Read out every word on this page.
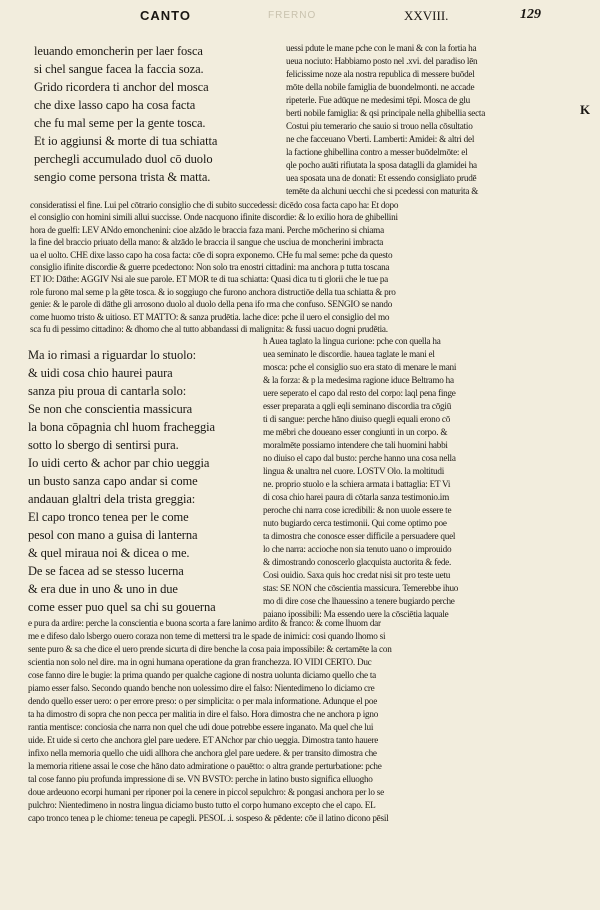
CANTO	FRERNO	XXVIII.	129
K
leuando emoncherin per laer fosca
si chel sangue facea la faccia soza.
Grido ricordera ti anchor del mosca
che dixe lasso capo ha cosa facta
che fu mal seme per la gente tosca.
Et io aggiunsi & morte di tua schiatta
perchegli accumulado duol cō duolo
sengio come persona trista & matta.
uessi pdute le mane pche con le mani & con la fortia ha
ueua nociuto: Habbiamo posto nel .xvi. del paradiso lēn
felicissime noze ala nostra republica di messere buōdel
mōte della nobile famiglia de buondelmonti. ne accade
ripeterle. Fue adūque ne medesimi tēpi. Mosca de glu
berti nobile famiglia: & qsi principale nella ghibellia secta
Costui piu temerario che sauio si trouo nella cōsultatio
ne che facceuano Vberti. Lamberti: Amidei: & altri del
la factione ghibellina contro a messer buōdelmōte: el
qle pocho auāti rifiutata la sposa dataglli da glamidei ha
uea sposata una de donati: Et essendo consigliato prudē
temēte da alchuni uecchi che si pcedessi con maturita &
consideratissi el fine. Lui pel cōtrario consiglio che di subito succedessi: dicēdo cosa facta capo ha: Et dopo
el consiglio con homini simili allui succisse. Onde nacquono ifinite discordie: & lo exilio hora de ghibellini
hora de guelfi: LEV ANdo emonchenini: cioe alzādo le braccia faza mani. Perche mōcherino si chiama
la fine del braccio priuato della mano: & alzādo le braccia il sangue che usciua de moncherini imbracta
ua el uolto. CHE dixe lasso capo ha cosa facta: cōe di sopra exponemo. CHe fu mal seme: pche da questo
consiglio ifinite discordie & guerre pcedectono: Non solo tra enostri cittadini: ma anchora p tutta toscana
ET IO: Dāthe: AGGIV Nsi ale sue parole. ET MOR te di tua schiatta: Quasi dica tu ti glorii che le tue pa
role furono mal seme p la gēte tosca. & io soggiugo che furono anchora distructiōe della tua schiatta & pro
genie: & le parole di dāthe gli arrosono duolo al duolo della pena ifo rma che confuso. SENGIO se nando
come huomo tristo & uitioso. ET MATTO: & sanza prudētia. lache dice: pche il uero el consiglio del mo
sca fu di pessimo cittadino: & dhomo che al tutto abbandassi di malignita: & fussi uacuo dogni prudētia.
h Auea taglato la lingua curione: pche con quella ha
Ma io rimasi a riguardar lo stuolo:
& uidi cosa chio haurei paura
sanza piu proua di cantarla solo:
Se non che conscientia massicura
la bona cōpagnia chl huom fracheggia
sotto lo sbergo di sentirsi pura.
Io uidi certo & achor par chio ueggia
un busto sanza capo andar si come
andauan glaltri dela trista greggia:
El capo tronco tenea per le come
pesol con mano a guisa di lanterna
& quel miraua noi & dicea o me.
De se facea ad se stesso lucerna
& era due in uno & uno in due
come esser puo quel sa chi su gouerna
uea seminato le discordie. hauea taglate le mani el
mosca: pche el consiglio suo era stato di menare le mani
& la forza: & p la medesima ragione iduce Beltramo ha
uere seperato el capo dal resto del corpo: laql pena finge
esser preparata a qgli eqli seminano discordia tra cōgiū
ti di sangue: perche hāno diuiso quegli equali erono cō
me mēbri che doueano esser congiunti in un corpo. &
moralmēte possiamo intendere che tali huomini habbi
no diuiso el capo dal busto: perche hanno una cosa nella
lingua & unaltra nel cuore. LOSTV Olo. la moltitudi
ne. proprio stuolo e la schiera armata i battaglia: ET Vi
di cosa chio harei paura di cōtarla sanza testimonio.im
peroche chi narra cose icredibili: & non uuole essere te
nuto bugiardo cerca testimonii. Qui come optimo poe
ta dimostra che conosce esser difficile a persuadere quel
lo che narra: accioche non sia tenuto uano o improuido
& dimostrando conoscerlo glacquista auctorita & fede.
Cosi ouidio. Saxa quis hoc credat nisi sit pro teste uetu
stas: SE NON che cōscientia massicura. Temerebbe ihuo
mo di dire cose che lhauessino a tenere bugiardo perche
paiano ipossibili: Ma essendo uere la cōsciētia laquale
e pura da ardire: perche la conscientia e buona scorta a fare lanimo ardito & franco: & come lhuom dar
me e difeso dalo lsbergo ouero coraza non teme di mettersi tra le spade de inimici: cosi quando lhomo si
sente puro & sa che dice el uero prende sicurta di dire benche la cosa paia impossibile: & certamēte la con
scientia non solo nel dire. ma in ogni humana operatione da gran franchezza. IO VIDI CERTO. Duc
cose fanno dire le bugie: la prima quando per qualche cagione di nostra uolunta diciamo quello che ta
piamo esser falso. Secondo quando benche non uolessimo dire el falso: Nientedimeno lo diciamo cre
dendo quello esser uero: o per errore preso: o per simplicita: o per mala informatione. Adunque el poe
ta ha dimostro di sopra che non pecca per malitia in dire el falso. Hora dimostra che ne anchora p igno
rantia mentisce: conciosia che narra non quel che udi doue potrebbe essere inganato. Ma quel che lui
uide. Et uide si certo che anchora glel pare uedere. ET ANchor par chio ueggia. Dimostra tanto hauere
infixo nella memoria quello che uidi allhora che anchora glel pare uedere. & per transito dimostra che
la memoria ritiene assai le cose che hāno dato admiratione o pauētto: o altra grande perturbatione: pche
tal cose fanno piu profunda impressione di se. VN BVSTO: perche in latino busto significa elluogho
doue ardeuono ecorpi humani per riponer poi la cenere in piccol sepulchro: & pongasi anchora per lo se
pulchro: Nientedimeno in nostra lingua diciamo busto tutto el corpo humano excepto che el capo. EL
capo tronco tenea p le chiome: teneua pe capegli. PESOL .i. sospeso & pēdente: cōe il latino dicono pēsil
